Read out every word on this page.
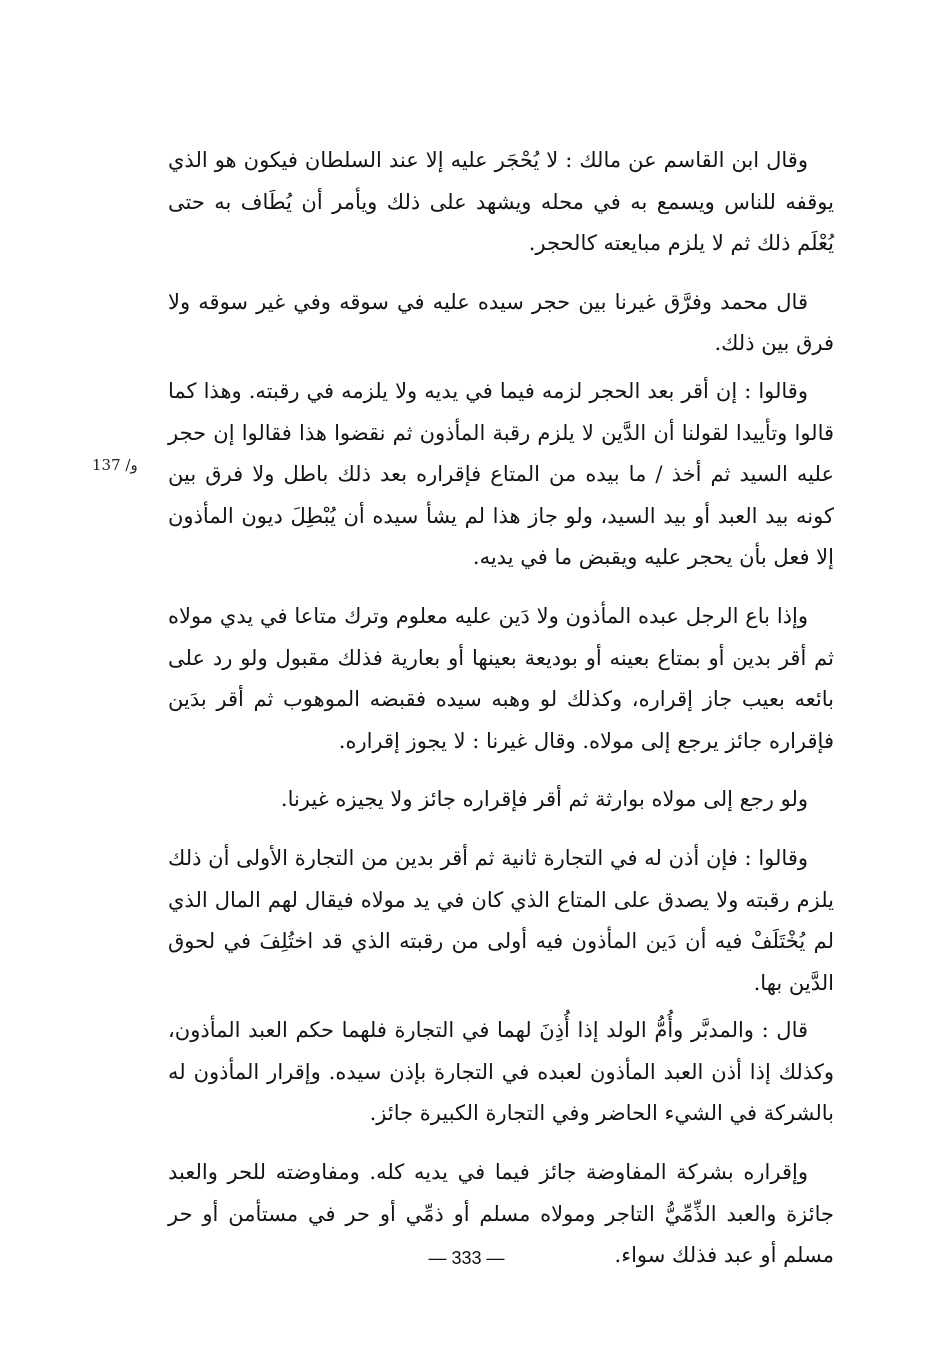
137 /و

وقال ابن القاسم عن مالك : لا يُحْجَر عليه إلا عند السلطان فيكون هو الذي يوقفه للناس ويسمع به في محله ويشهد على ذلك ويأمر أن يُطَاف به حتى يُعْلَم ذلك ثم لا يلزم مبايعته كالحجر.

قال محمد وفرَّق غيرنا بين حجر سيده عليه في سوقه وفي غير سوقه ولا فرق بين ذلك.

وقالوا : إن أقر بعد الحجر لزمه فيما في يديه ولا يلزمه في رقبته. وهذا كما قالوا وتأييدا لقولنا أن الدَّين لا يلزم رقبة المأذون ثم نقضوا هذا فقالوا إن حجر عليه السيد ثم أخذ / ما بيده من المتاع فإقراره بعد ذلك باطل ولا فرق بين كونه بيد العبد أو بيد السيد، ولو جاز هذا لم يشأ سيده أن يُبْطِلَ ديون المأذون إلا فعل بأن يحجر عليه ويقبض ما في يديه.

وإذا باع الرجل عبده المأذون ولا دَين عليه معلوم وترك متاعا في يدي مولاه ثم أقر بدين أو بمتاع بعينه أو بوديعة بعينها أو بعارية فذلك مقبول ولو رد على بائعه بعيب جاز إقراره، وكذلك لو وهبه سيده فقبضه الموهوب ثم أقر بدَين فإقراره جائز يرجع إلى مولاه. وقال غيرنا : لا يجوز إقراره.

ولو رجع إلى مولاه بوارثة ثم أقر فإقراره جائز ولا يجيزه غيرنا.

وقالوا : فإن أذن له في التجارة ثانية ثم أقر بدين من التجارة الأولى أن ذلك يلزم رقبته ولا يصدق على المتاع الذي كان في يد مولاه فيقال لهم المال الذي لم يُخْتَلَفْ فيه أن دَين المأذون فيه أولى من رقبته الذي قد اختُلِفَ في لحوق الدَّين بها.

قال : والمدبَّر وأُمُّ الولد إذا أُذِنَ لهما في التجارة فلهما حكم العبد المأذون، وكذلك إذا أذن العبد المأذون لعبده في التجارة بإذن سيده. وإقرار المأذون له بالشركة في الشيء الحاضر وفي التجارة الكبيرة جائز.

وإقراره بشركة المفاوضة جائز فيما في يديه كله. ومفاوضته للحر والعبد جائزة والعبد الذِّمِّيُّ التاجر ومولاه مسلم أو ذمِّي أو حر في مستأمن أو حر مسلم أو عبد فذلك سواء.

— 333 —
